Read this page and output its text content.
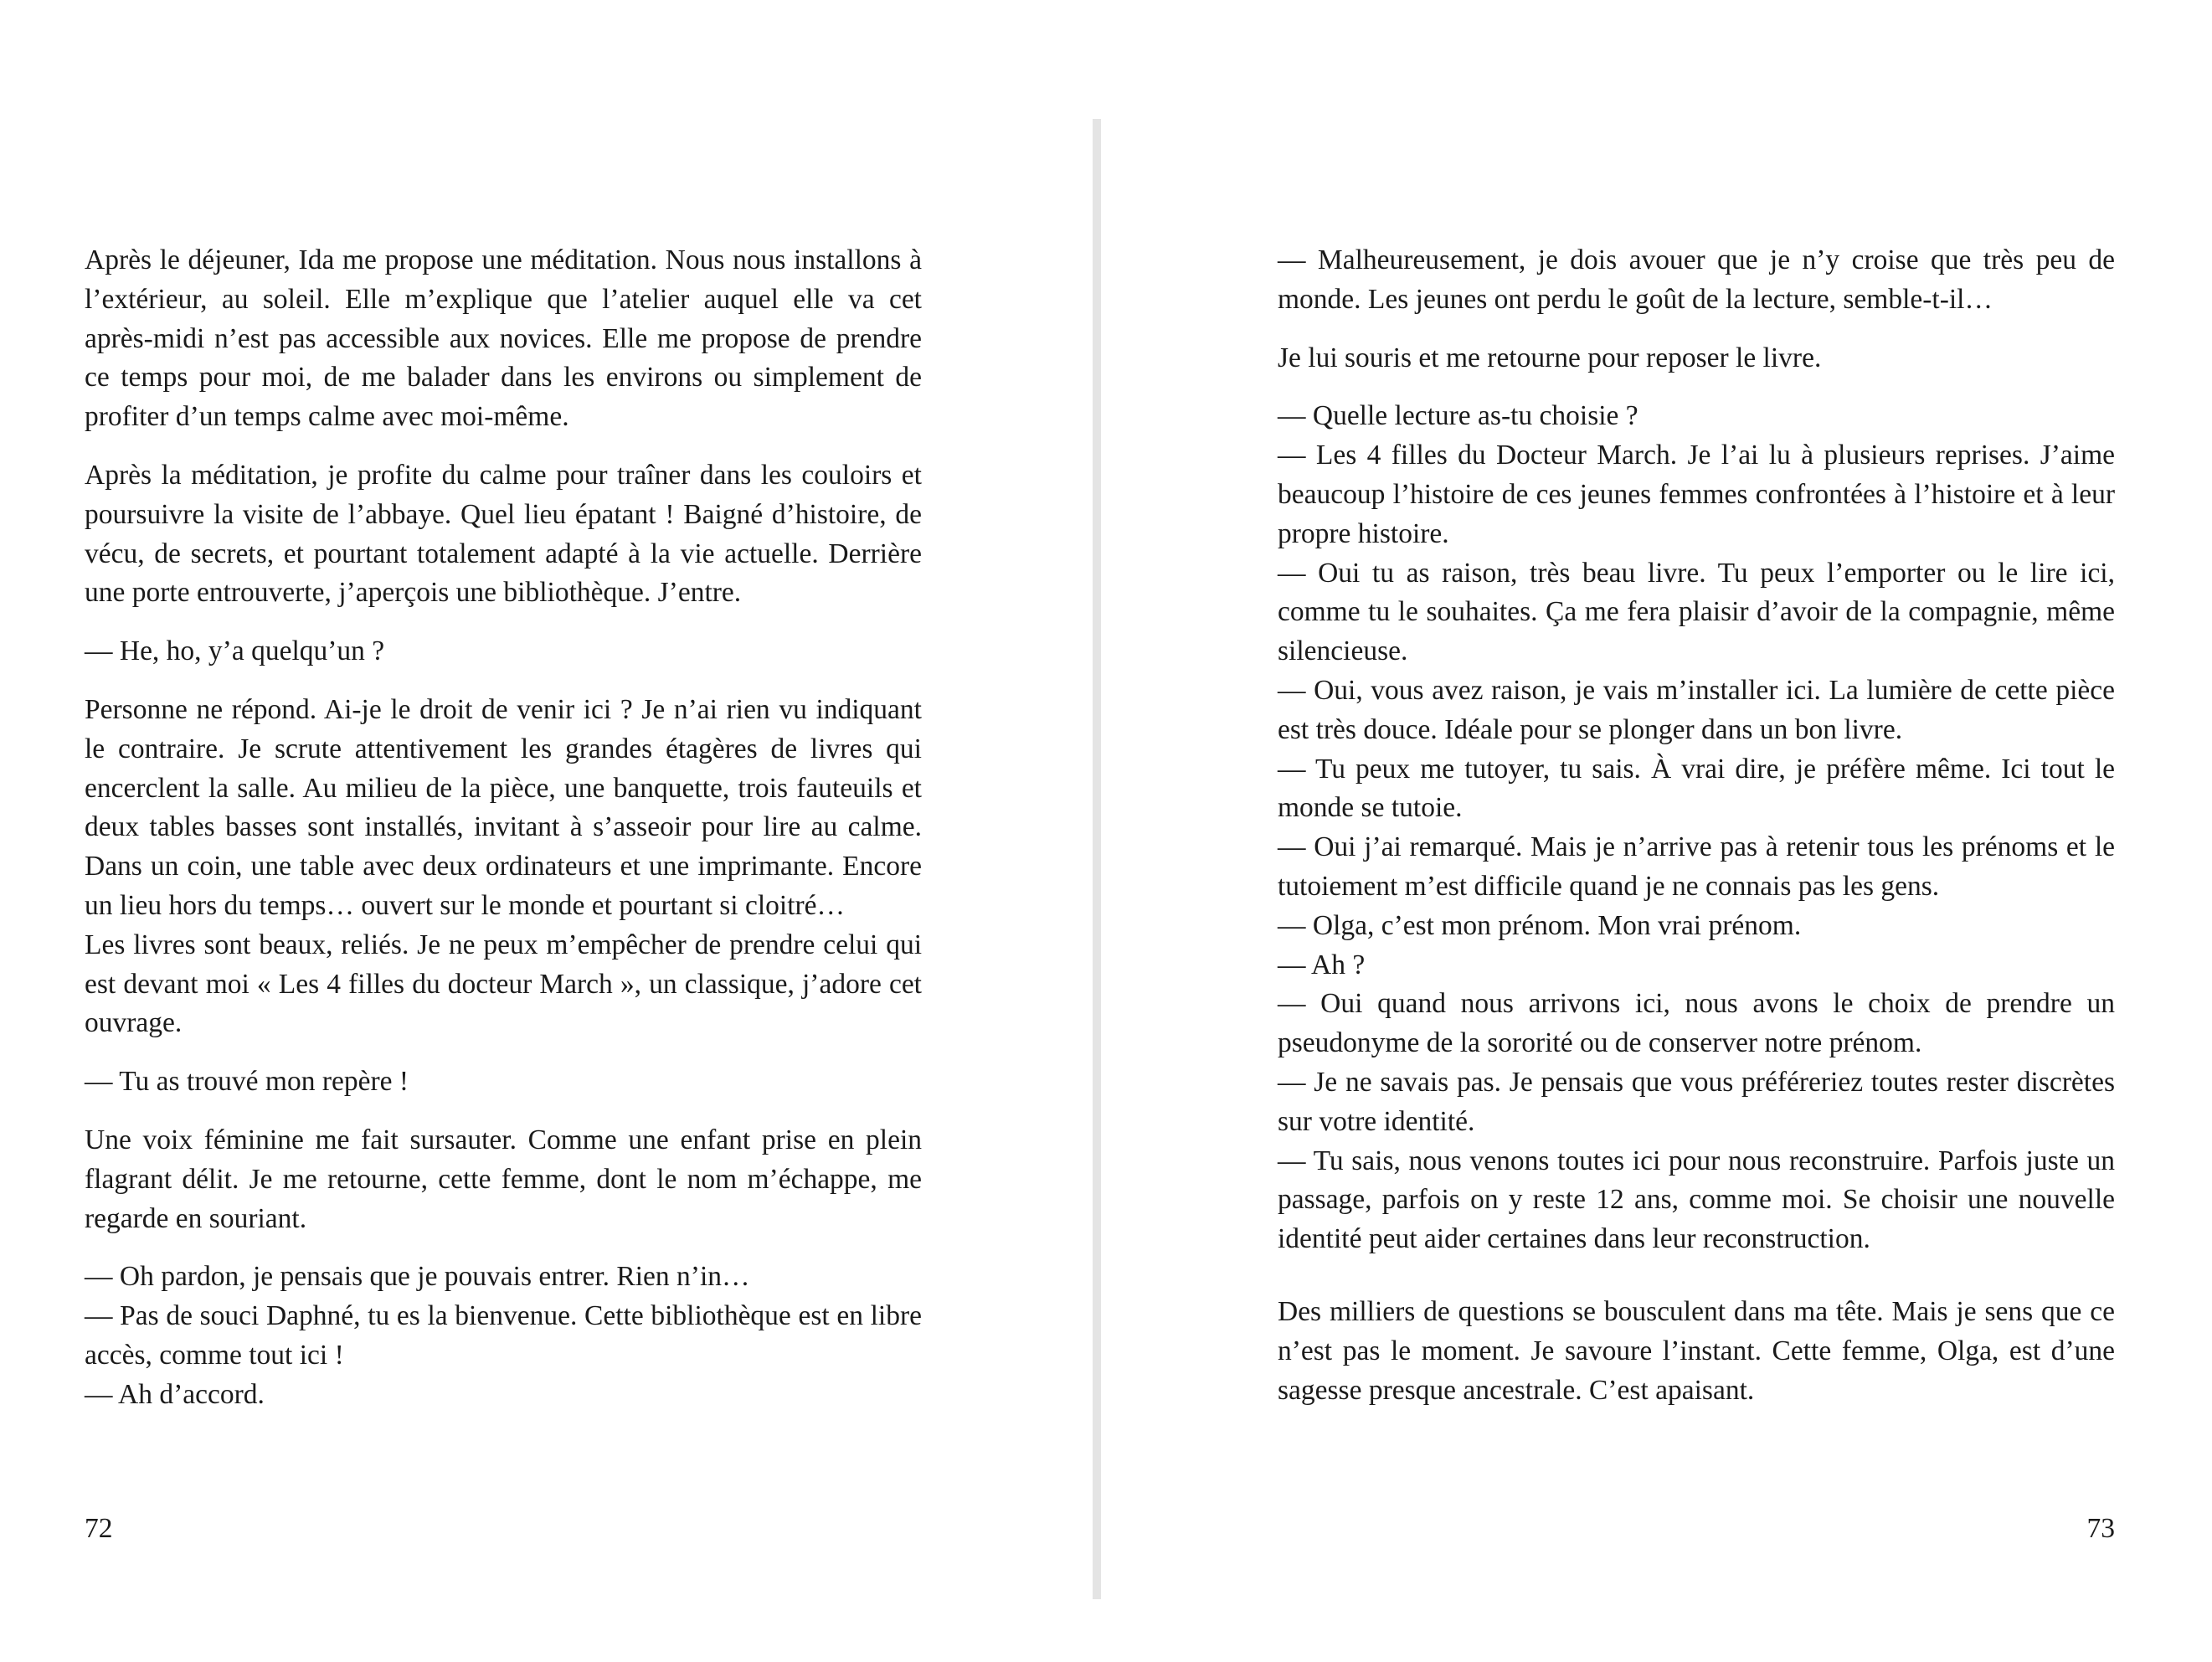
Après le déjeuner, Ida me propose une méditation. Nous nous installons à l’extérieur, au soleil. Elle m’explique que l’atelier auquel elle va cet après-midi n’est pas accessible aux novices. Elle me propose de prendre ce temps pour moi, de me balader dans les environs ou simplement de profiter d’un temps calme avec moi-même.

Après la méditation, je profite du calme pour traîner dans les couloirs et poursuivre la visite de l’abbaye. Quel lieu épatant ! Baigné d’histoire, de vécu, de secrets, et pourtant totalement adapté à la vie actuelle. Derrière une porte entrouverte, j’aperçois une bibliothèque. J’entre.

— He, ho, y’a quelqu’un ?

Personne ne répond. Ai-je le droit de venir ici ? Je n’ai rien vu indiquant le contraire. Je scrute attentivement les grandes étagères de livres qui encerclent la salle. Au milieu de la pièce, une banquette, trois fauteuils et deux tables basses sont installés, invitant à s’asseoir pour lire au calme. Dans un coin, une table avec deux ordinateurs et une imprimante. Encore un lieu hors du temps… ouvert sur le monde et pourtant si cloitré…
Les livres sont beaux, reliés. Je ne peux m’empêcher de prendre celui qui est devant moi « Les 4 filles du docteur March », un classique, j’adore cet ouvrage.

— Tu as trouvé mon repère !

Une voix féminine me fait sursauter. Comme une enfant prise en plein flagrant délit. Je me retourne, cette femme, dont le nom m’échappe, me regarde en souriant.

— Oh pardon, je pensais que je pouvais entrer. Rien n’in…
— Pas de souci Daphné, tu es la bienvenue. Cette bibliothèque est en libre accès, comme tout ici !
— Ah d’accord.

— Malheureusement, je dois avouer que je n’y croise que très peu de monde. Les jeunes ont perdu le goût de la lecture, semble-t-il…

Je lui souris et me retourne pour reposer le livre.

— Quelle lecture as-tu choisie ?
— Les 4 filles du Docteur March. Je l’ai lu à plusieurs reprises. J’aime beaucoup l’histoire de ces jeunes femmes confrontées à l’histoire et à leur propre histoire.
— Oui tu as raison, très beau livre. Tu peux l’emporter ou le lire ici, comme tu le souhaites. Ça me fera plaisir d’avoir de la compagnie, même silencieuse.
— Oui, vous avez raison, je vais m’installer ici. La lumière de cette pièce est très douce. Idéale pour se plonger dans un bon livre.
— Tu peux me tutoyer, tu sais. À vrai dire, je préfère même. Ici tout le monde se tutoie.
— Oui j’ai remarqué. Mais je n’arrive pas à retenir tous les prénoms et le tutoiement m’est difficile quand je ne connais pas les gens.
— Olga, c’est mon prénom. Mon vrai prénom.
— Ah ?
— Oui quand nous arrivons ici, nous avons le choix de prendre un pseudonyme de la sororité ou de conserver notre prénom.
— Je ne savais pas. Je pensais que vous préféreriez toutes rester discrètes sur votre identité.
— Tu sais, nous venons toutes ici pour nous reconstruire. Parfois juste un passage, parfois on y reste 12 ans, comme moi. Se choisir une nouvelle identité peut aider certaines dans leur reconstruction.

Des milliers de questions se bousculent dans ma tête. Mais je sens que ce n’est pas le moment. Je savoure l’instant. Cette femme, Olga, est d’une sagesse presque ancestrale. C’est apaisant.

72	73
